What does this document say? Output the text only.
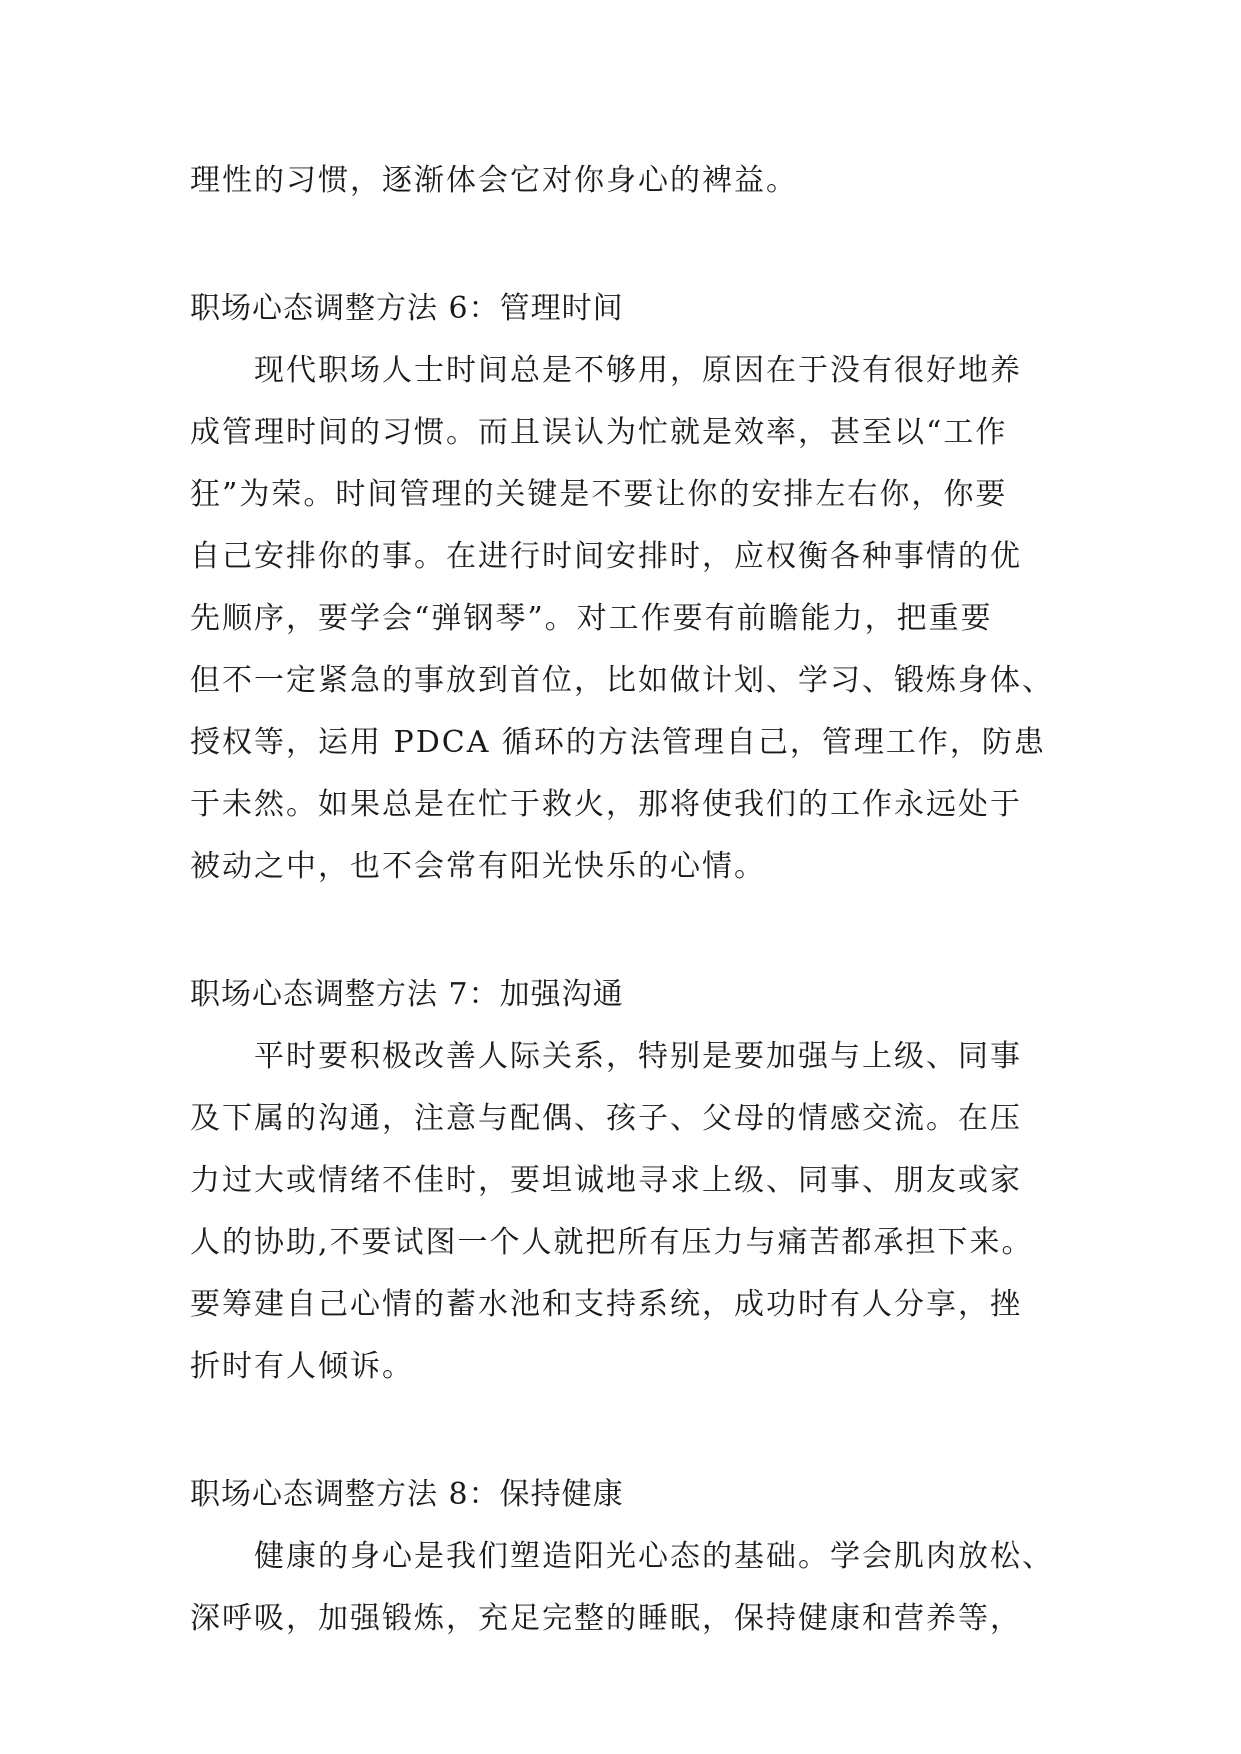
理性的习惯，逐渐体会它对你身心的裨益。
职场心态调整方法 6：管理时间
现代职场人士时间总是不够用，原因在于没有很好地养
成管理时间的习惯。而且误认为忙就是效率，甚至以“工作
狂”为荣。时间管理的关键是不要让你的安排左右你，你要
自己安排你的事。在进行时间安排时，应权衡各种事情的优
先顺序，要学会“弹钢琴”。对工作要有前瞻能力，把重要
但不一定紧急的事放到首位，比如做计划、学习、锻炼身体、
授权等，运用 PDCA 循环的方法管理自己，管理工作，防患
于未然。如果总是在忙于救火，那将使我们的工作永远处于
被动之中，也不会常有阳光快乐的心情。
职场心态调整方法 7：加强沟通
平时要积极改善人际关系，特别是要加强与上级、同事
及下属的沟通，注意与配偶、孩子、父母的情感交流。在压
力过大或情绪不佳时，要坦诚地寻求上级、同事、朋友或家
人的协助,不要试图一个人就把所有压力与痛苦都承担下来。
要筹建自己心情的蓄水池和支持系统，成功时有人分享，挫
折时有人倾诉。
职场心态调整方法 8：保持健康
健康的身心是我们塑造阳光心态的基础。学会肌肉放松、
深呼吸，加强锻炼，充足完整的睡眠，保持健康和营养等，
